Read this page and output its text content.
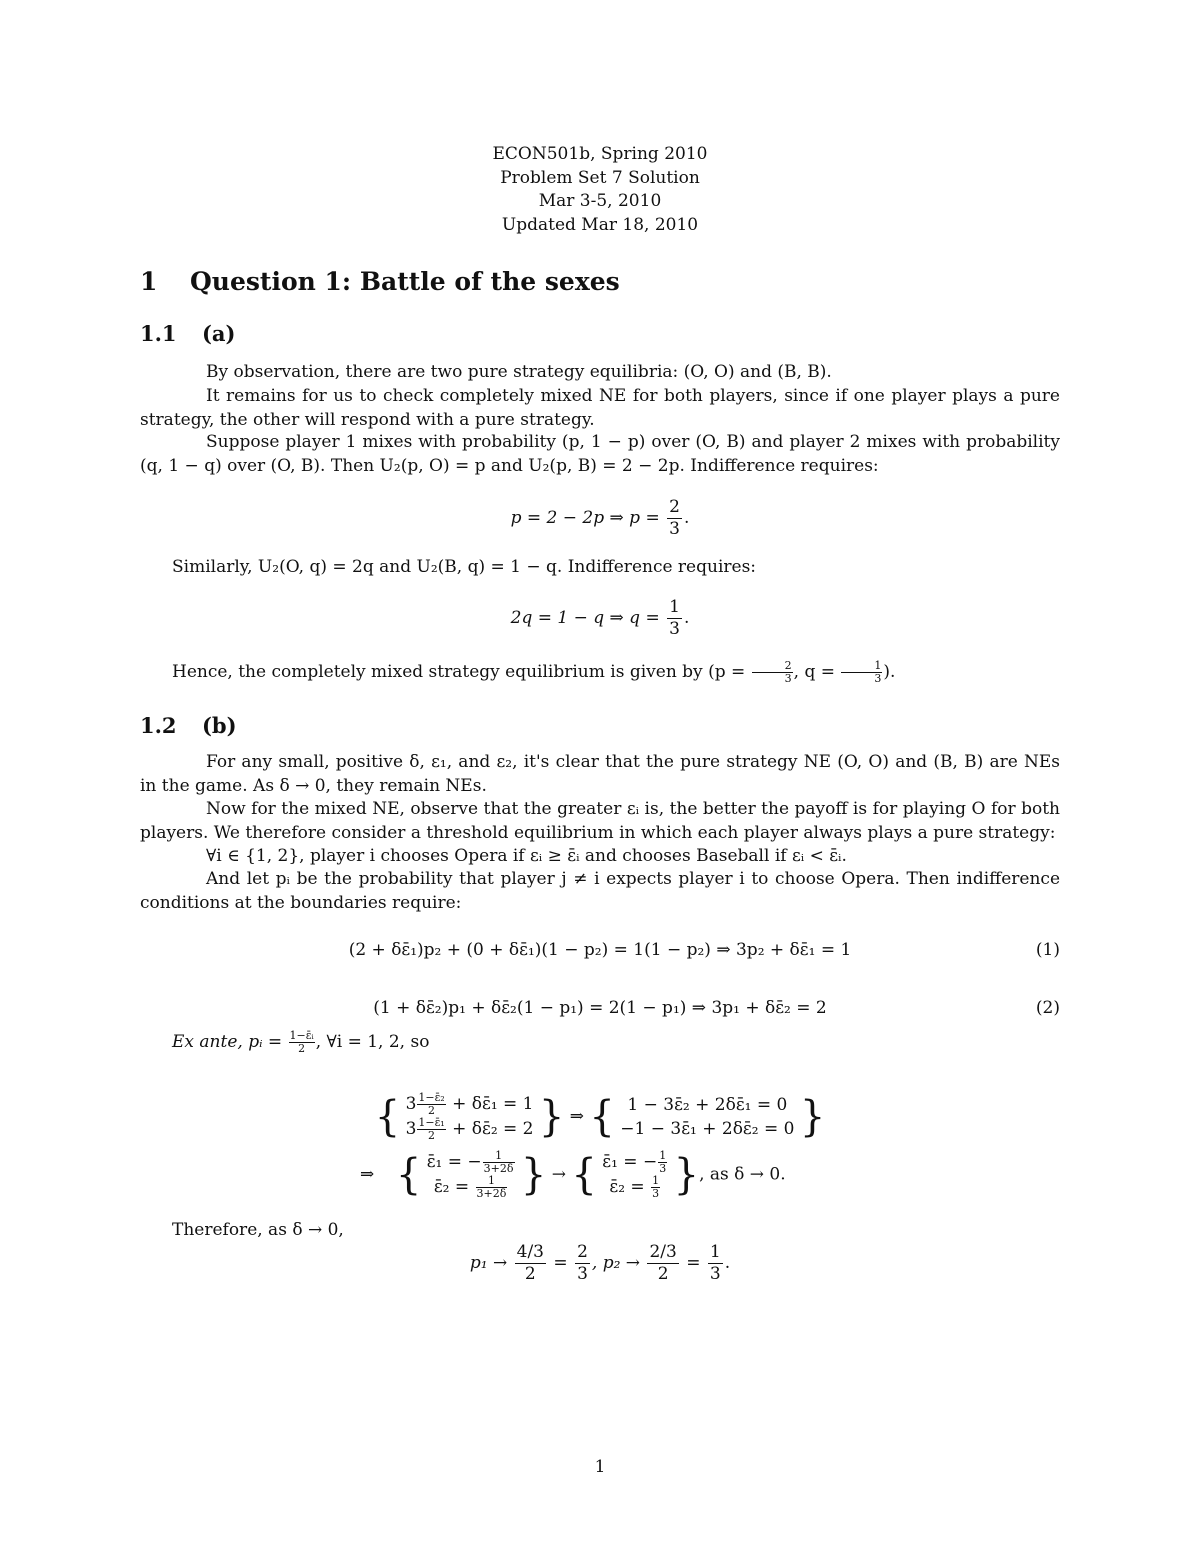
ECON501b, Spring 2010
Problem Set 7 Solution
Mar 3-5, 2010
Updated Mar 18, 2010
1 Question 1: Battle of the sexes
1.1 (a)
By observation, there are two pure strategy equilibria: (O, O) and (B, B).
It remains for us to check completely mixed NE for both players, since if one player plays a pure strategy, the other will respond with a pure strategy.
Suppose player 1 mixes with probability (p, 1 − p) over (O, B) and player 2 mixes with probability (q, 1 − q) over (O, B). Then U₂(p, O) = p and U₂(p, B) = 2 − 2p. Indifference requires:
p = 2 − 2p ⇒ $p = \frac{2}{3}$ .
Similarly, U₂(O, q) = 2q and U₂(B, q) = 1 − q. Indifference requires:
2q = 1 − q ⇒ $q = \frac{1}{3}$ .
Hence, the completely mixed strategy equilibrium is given by ($p = \frac{2}{3}$ , $q = \frac{1}{3}$ ).
1.2 (b)
For any small, positive δ, ε₁, and ε₂, it's clear that the pure strategy NE (O, O) and (B, B) are NEs in the game. As δ → 0, they remain NEs.
Now for the mixed NE, observe that the greater εᵢ is, the better the payoff is for playing O for both players. We therefore consider a threshold equilibrium in which each player always plays a pure strategy:
∀i ∈ {1, 2}, player i chooses Opera if εᵢ ≥ ε̄ᵢ and chooses Baseball if εᵢ < ε̄ᵢ.
And let pᵢ be the probability that player j ≠ i expects player i to choose Opera. Then indifference conditions at the boundaries require:
(2 + δε̄₁)p₂ + (0 + δε̄₁)(1 − p₂) = 1(1 − p₂) ⇒ 3p₂ + δε̄₁ = 1	(1)
(1 + δε̄₂)p₁ + δε̄₂(1 − p₁) = 2(1 − p₁) ⇒ 3p₁ + δε̄₂ = 2	(2)
Ex ante, pᵢ = $\frac{\text{1−ε̄ᵢ}}{2}$ , ∀i = 1, 2, so
{ $3 \frac{\text{1−ε̄₂}}{2}$ + δε̄₁ = 1
$3 \frac{\text{1−ε̄₁}}{2}$ + δε̄₂ = 2 } ⇒ { 1 − 3ε̄₂ + 2δε̄₁ = 0
−1 − 3ε̄₁ + 2δε̄₂ = 0 }
⇒ { ε̄₁ = − $\frac{1}{3+2\delta}$
ε̄₂ = $\frac{1}{3+2\delta}$ } → { ε̄₁ = − $\frac{1}{3}$
ε̄₂ = $\frac{1}{3}$ }, as δ → 0.
Therefore, as δ → 0,
$p_1 \to \frac{4/3}{2} = \frac{2}{3}$ , $p_2 \to \frac{2/3}{2} = \frac{1}{3}$ .
1
